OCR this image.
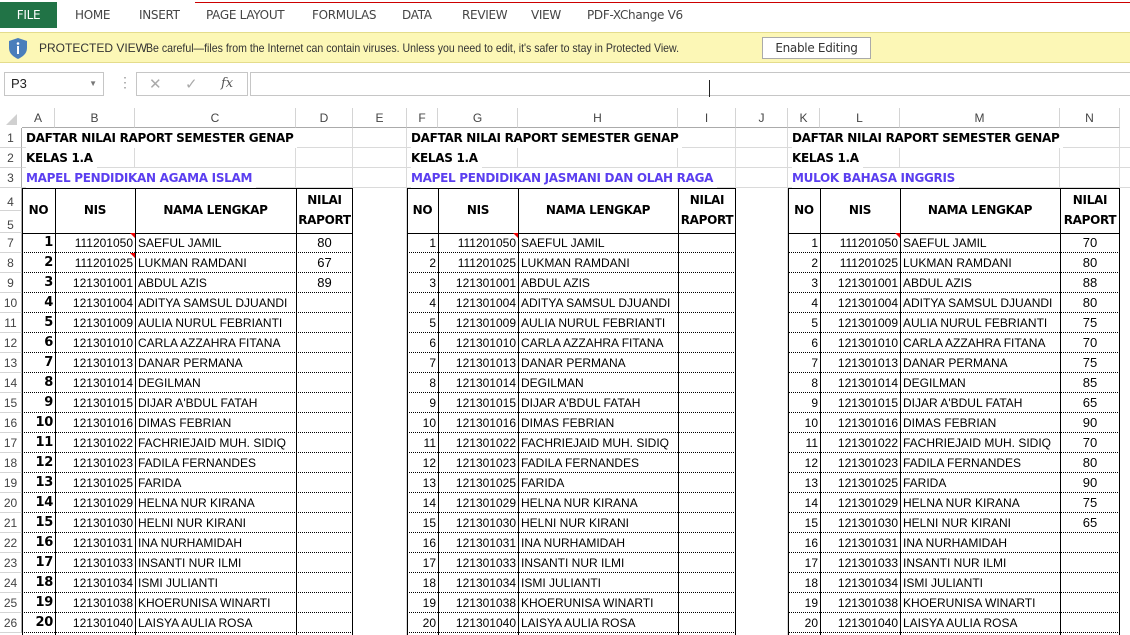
FILE	HOME INSERT PAGE LAYOUT FORMULAS DATA	REVIEW VIEW PDF-XChange V6
PROTECTED VIEW
Be careful—files from the Internet can contain viruses. Unless you need to edit, it's safer to stay in Protected View.	Enable Editing
P3	▼ ⋮ ✕ ✓ fx
A	B	C	D	E	F	G	H	I	J	K	L	M	N
1
2
3
4
5
7
8
9
10
11
12
13
14
15
16
17
18
19
20
21
22
23
24
25
26
DAFTAR NILAI RAPORT SEMESTER GENAP
KELAS 1.A
MAPEL PENDIDIKAN AGAMA ISLAM
NO	NIS	NAMA LENGKAP
NILAI
RAPORT
1	111201050 SAEFUL JAMIL	80
2	111201025 LUKMAN RAMDANI	67
3	121301001 ABDUL AZIS	89
4	121301004 ADITYA SAMSUL DJUANDI
5	121301009 AULIA NURUL FEBRIANTI
6	121301010 CARLA AZZAHRA FITANA
7	121301013 DANAR PERMANA
8	121301014 DEGILMAN
9	121301015 DIJAR A'BDUL FATAH
10	121301016 DIMAS FEBRIAN
11	121301022 FACHRIEJAID MUH. SIDIQ
12	121301023 FADILA FERNANDES
13	121301025 FARIDA
14	121301029 HELNA NUR KIRANA
15	121301030 HELNI NUR KIRANI
16	121301031 INA NURHAMIDAH
17	121301033 INSANTI NUR ILMI
18	121301034 ISMI JULIANTI
19	121301038 KHOERUNISA WINARTI
20	121301040 LAISYA AULIA ROSA
DAFTAR NILAI RAPORT SEMESTER GENAP
KELAS 1.A
MAPEL PENDIDIKAN JASMANI DAN OLAH RAGA
NO	NIS	NAMA LENGKAP
NILAI
RAPORT
1	111201050 SAEFUL JAMIL
2	111201025 LUKMAN RAMDANI
3	121301001 ABDUL AZIS
4	121301004 ADITYA SAMSUL DJUANDI
5	121301009 AULIA NURUL FEBRIANTI
6	121301010 CARLA AZZAHRA FITANA
7	121301013 DANAR PERMANA
8	121301014 DEGILMAN
9	121301015 DIJAR A'BDUL FATAH
10	121301016 DIMAS FEBRIAN
11	121301022 FACHRIEJAID MUH. SIDIQ
12	121301023 FADILA FERNANDES
13	121301025 FARIDA
14	121301029 HELNA NUR KIRANA
15	121301030 HELNI NUR KIRANI
16	121301031 INA NURHAMIDAH
17	121301033 INSANTI NUR ILMI
18	121301034 ISMI JULIANTI
19	121301038 KHOERUNISA WINARTI
20	121301040 LAISYA AULIA ROSA
DAFTAR NILAI RAPORT SEMESTER GENAP
KELAS 1.A
MULOK BAHASA INGGRIS
NO	NIS	NAMA LENGKAP
NILAI
RAPORT
1	111201050 SAEFUL JAMIL	70
2	111201025 LUKMAN RAMDANI	80
3	121301001 ABDUL AZIS	88
4	121301004 ADITYA SAMSUL DJUANDI	80
5	121301009 AULIA NURUL FEBRIANTI	75
6	121301010 CARLA AZZAHRA FITANA	70
7	121301013 DANAR PERMANA	75
8	121301014 DEGILMAN	85
9	121301015 DIJAR A'BDUL FATAH	65
10	121301016 DIMAS FEBRIAN	90
11	121301022 FACHRIEJAID MUH. SIDIQ	70
12	121301023 FADILA FERNANDES	80
13	121301025 FARIDA	90
14	121301029 HELNA NUR KIRANA	75
15	121301030 HELNI NUR KIRANI	65
16	121301031 INA NURHAMIDAH
17	121301033 INSANTI NUR ILMI
18	121301034 ISMI JULIANTI
19	121301038 KHOERUNISA WINARTI
20	121301040 LAISYA AULIA ROSA
